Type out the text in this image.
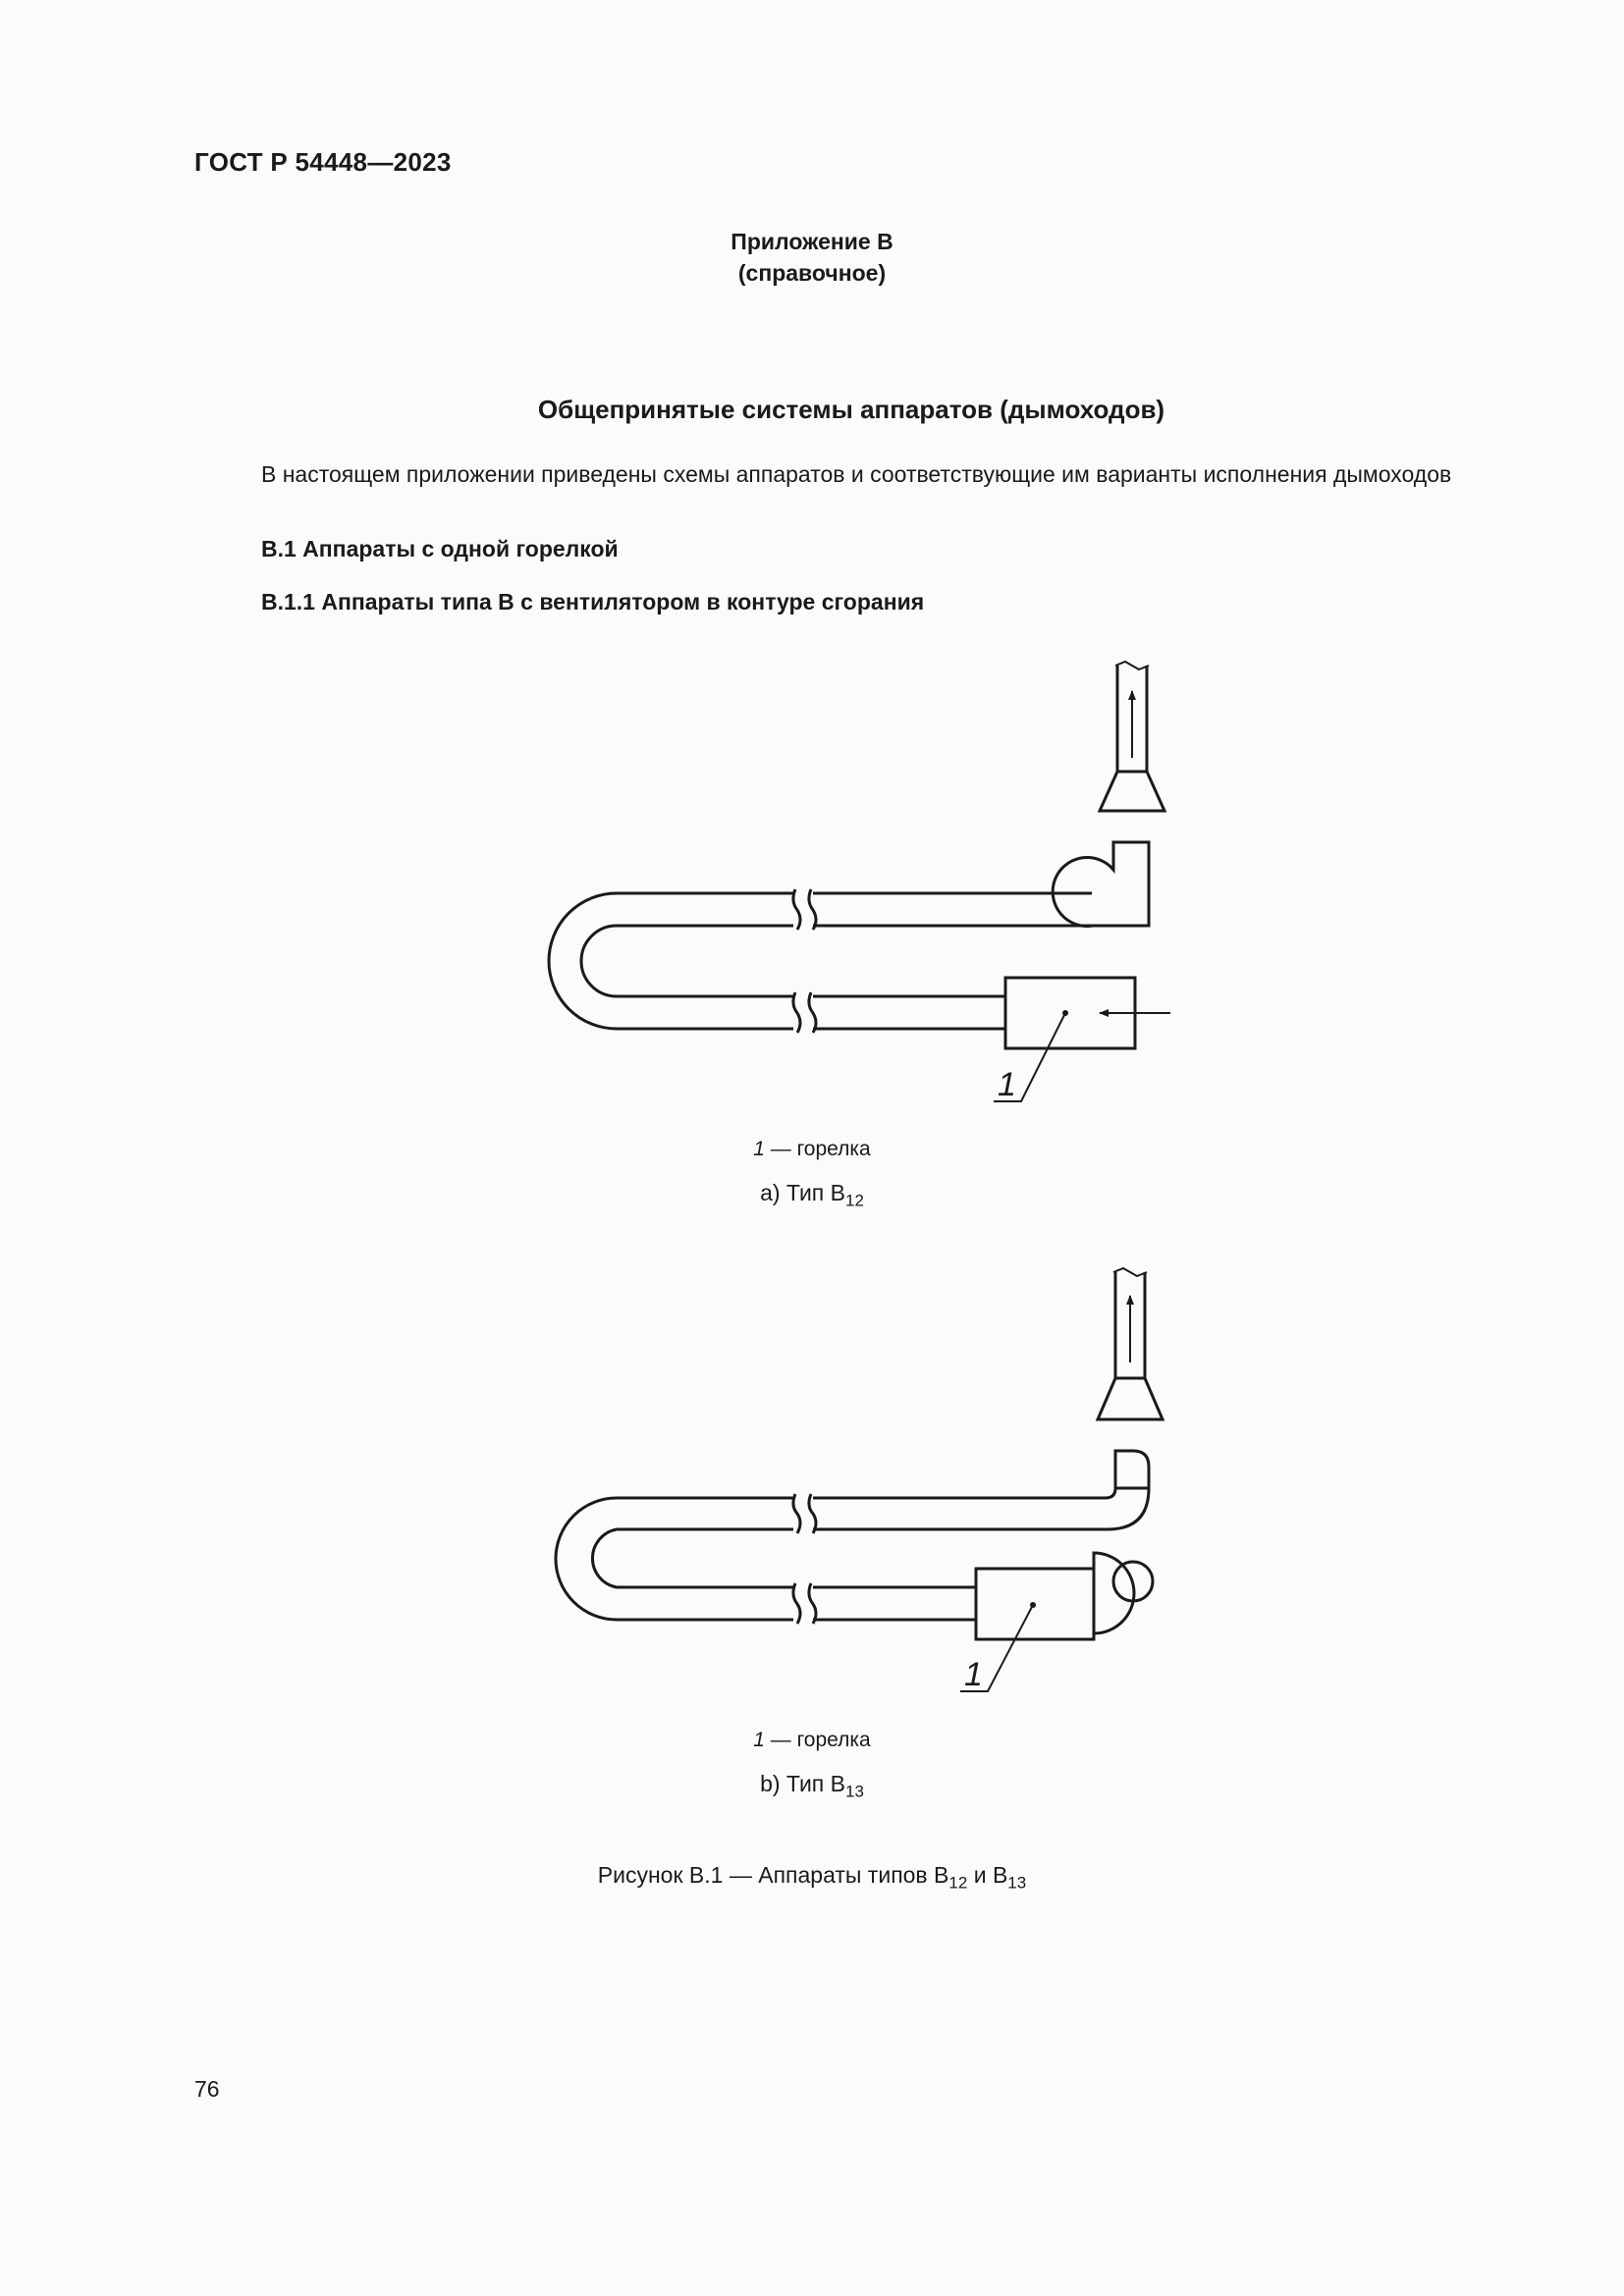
ГОСТ Р 54448—2023
Приложение В
(справочное)
Общепринятые системы аппаратов (дымоходов)
В настоящем приложении приведены схемы аппаратов и соответствующие им варианты исполнения дымоходов
В.1 Аппараты с одной горелкой
В.1.1 Аппараты типа В с вентилятором в контуре сгорания
1
1 — горелка
а) Тип $В_{12}$
1
1 — горелка
b) Тип $В_{13}$
Рисунок В.1 — Аппараты типов $В_{12}$ и $В_{13}$
76
